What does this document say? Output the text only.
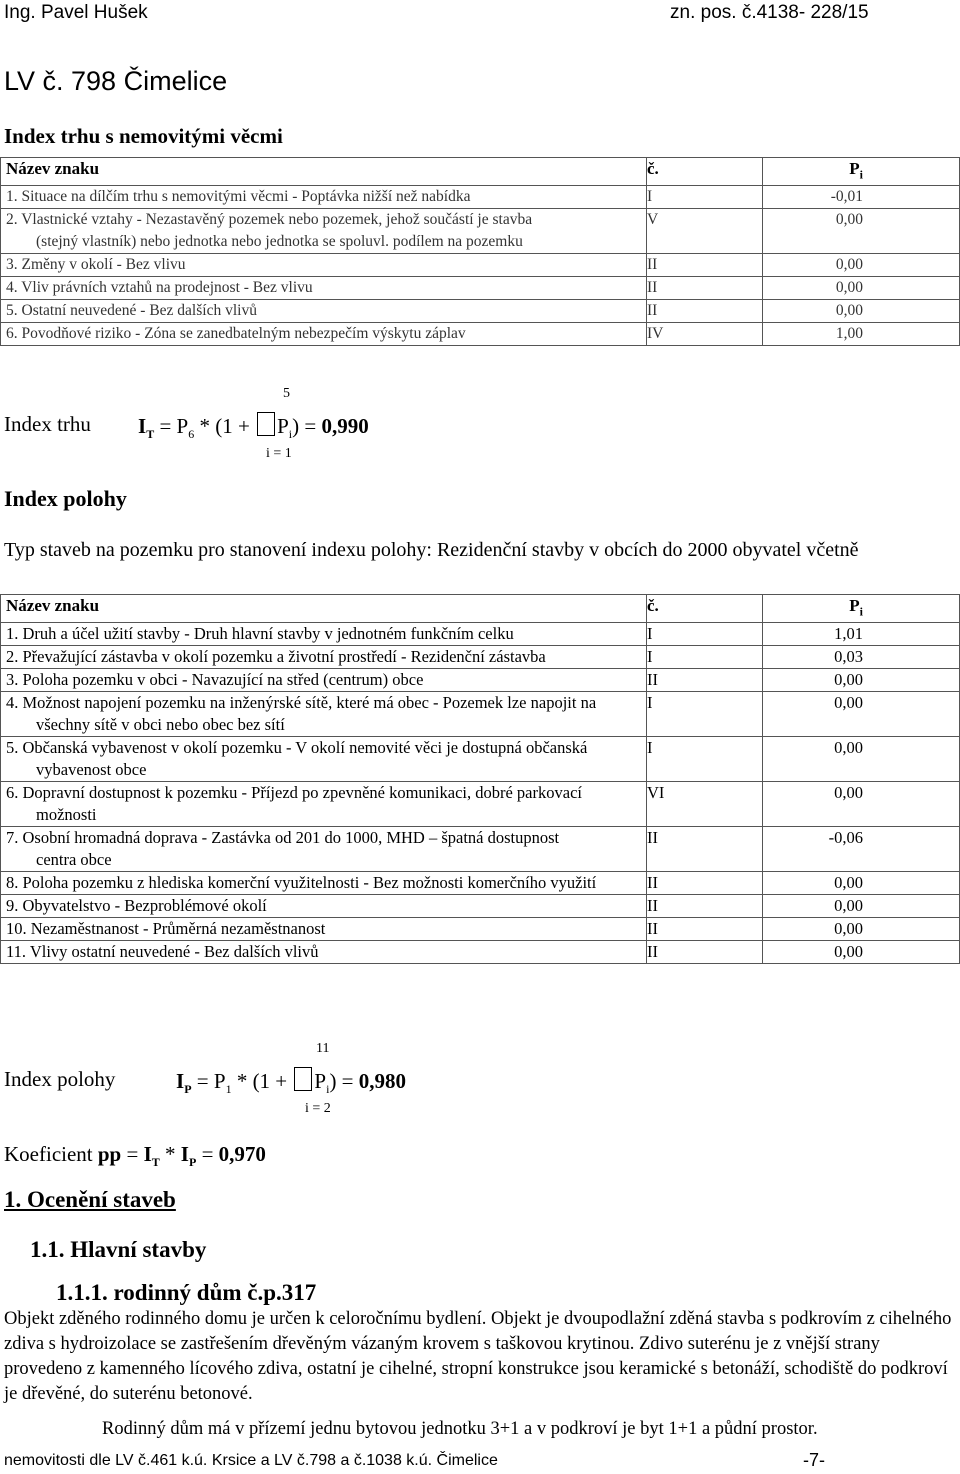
Ing. Pavel Hušek	zn. pos. č.4138- 228/15
LV č. 798 Čimelice
Index trhu s nemovitými věcmi
Název znaku	č.	$P_i$

1. Situace na dílčím trhu s nemovitými věcmi - Poptávka nižší než nabídka	I	-0,01

2. Vlastnické vztahy - Nezastavěný pozemek nebo pozemek, jehož součástí je stavba
(stejný vlastník) nebo jednotka nebo jednotka se spoluvl. podílem na pozemku	V	0,00

3. Změny v okolí - Bez vlivu	II	0,00

4. Vliv právních vztahů na prodejnost - Bez vlivu	II	0,00

5. Ostatní neuvedené - Bez dalších vlivů	II	0,00

6. Povodňové riziko - Zóna se zanedbatelným nebezpečím výskytu záplav	IV	1,00
5
Index trhu $I_T = P_6 * (1 + P_i) = 0,990$
i = 1
Index polohy
Typ staveb na pozemku pro stanovení indexu polohy: Rezidenční stavby v obcích do 2000 obyvatel včetně
Název znaku	č.	$P_i$

1. Druh a účel užití stavby - Druh hlavní stavby v jednotném funkčním celku	I	1,01

2. Převažující zástavba v okolí pozemku a životní prostředí - Rezidenční zástavba	I	0,03

3. Poloha pozemku v obci - Navazující na střed (centrum) obce	II	0,00

4. Možnost napojení pozemku na inženýrské sítě, které má obec - Pozemek lze napojit na
všechny sítě v obci nebo obec bez sítí	I	0,00

5. Občanská vybavenost v okolí pozemku - V okolí nemovité věci je dostupná občanská
vybavenost obce	I	0,00

6. Dopravní dostupnost k pozemku - Příjezd po zpevněné komunikaci, dobré parkovací
možnosti	VI	0,00

7. Osobní hromadná doprava - Zastávka od 201 do 1000, MHD – špatná dostupnost
centra obce	II	-0,06

8. Poloha pozemku z hlediska komerční využitelnosti - Bez možnosti komerčního využití	II	0,00

9. Obyvatelstvo - Bezproblémové okolí	II	0,00

10. Nezaměstnanost - Průměrná nezaměstnanost	II	0,00

11. Vlivy ostatní neuvedené - Bez dalších vlivů	II	0,00
11
Index polohy	$I_P = P_1 * (1 + P_i) = 0,980$
i = 2
Koeficient pp = $I_T * I_P = 0,970$
1. Ocenění staveb
1.1. Hlavní stavby
1.1.1. rodinný dům č.p.317
Objekt zděného rodinného domu je určen k celoročnímu bydlení. Objekt je dvoupodlažní zděná stavba s podkrovím z cihelného zdiva s hydroizolace se zastřešením dřevěným vázaným krovem s taškovou krytinou. Zdivo suterénu je z vnější strany provedeno z kamenného lícového zdiva, ostatní je cihelné, stropní konstrukce jsou keramické s betonáží, schodiště do podkroví je dřevěné, do suterénu betonové.
Rodinný dům má v přízemí jednu bytovou jednotku 3+1 a v podkroví je byt 1+1 a půdní prostor.
nemovitosti dle LV č.461 k.ú. Krsice a LV č.798 a č.1038 k.ú. Čimelice	-7-
